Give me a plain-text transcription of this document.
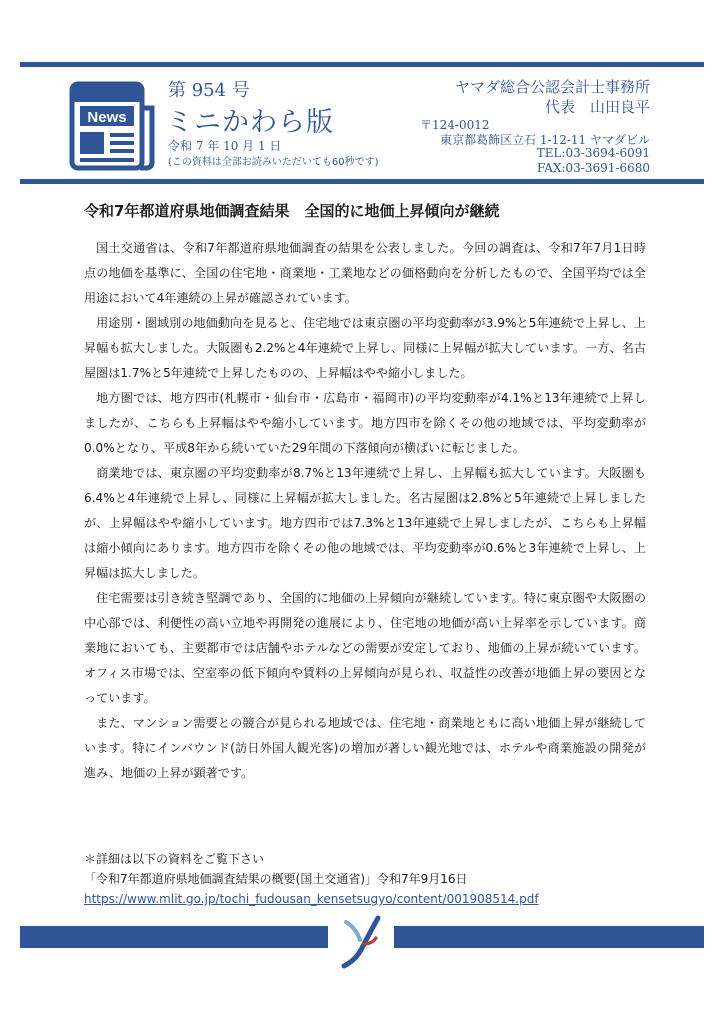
News
第 954 号
ミニかわら版
令和 7 年 10 月 1 日
(この資料は全部お読みいただいても60秒です)
ヤマダ総合公認会計士事務所
代表　山田良平
〒124-0012
東京都葛飾区立石 1-12-11 ヤマダビル
TEL:03-3694-6091
FAX:03-3691-6680
令和7年都道府県地価調査結果　全国的に地価上昇傾向が継続

国土交通省は、令和7年都道府県地価調査の結果を公表しました。今回の調査は、令和7年7月1日時点の地価を基準に、全国の住宅地・商業地・工業地などの価格動向を分析したもので、全国平均では全用途において4年連続の上昇が確認されています。

用途別・圏域別の地価動向を見ると、住宅地では東京圏の平均変動率が3.9%と5年連続で上昇し、上昇幅も拡大しました。大阪圏も2.2%と4年連続で上昇し、同様に上昇幅が拡大しています。一方、名古屋圏は1.7%と5年連続で上昇したものの、上昇幅はやや縮小しました。

地方圏では、地方四市(札幌市・仙台市・広島市・福岡市)の平均変動率が4.1%と13年連続で上昇しましたが、こちらも上昇幅はやや縮小しています。地方四市を除くその他の地域では、平均変動率が0.0%となり、平成8年から続いていた29年間の下落傾向が横ばいに転じました。

商業地では、東京圏の平均変動率が8.7%と13年連続で上昇し、上昇幅も拡大しています。大阪圏も6.4%と4年連続で上昇し、同様に上昇幅が拡大しました。名古屋圏は2.8%と5年連続で上昇しましたが、上昇幅はやや縮小しています。地方四市では7.3%と13年連続で上昇しましたが、こちらも上昇幅は縮小傾向にあります。地方四市を除くその他の地域では、平均変動率が0.6%と3年連続で上昇し、上昇幅は拡大しました。

住宅需要は引き続き堅調であり、全国的に地価の上昇傾向が継続しています。特に東京圏や大阪圏の中心部では、利便性の高い立地や再開発の進展により、住宅地の地価が高い上昇率を示しています。商業地においても、主要都市では店舗やホテルなどの需要が安定しており、地価の上昇が続いています。オフィス市場では、空室率の低下傾向や賃料の上昇傾向が見られ、収益性の改善が地価上昇の要因となっています。

また、マンション需要との競合が見られる地域では、住宅地・商業地ともに高い地価上昇が継続しています。特にインバウンド(訪日外国人観光客)の増加が著しい観光地では、ホテルや商業施設の開発が進み、地価の上昇が顕著です。

＊詳細は以下の資料をご覧下さい
「令和7年都道府県地価調査結果の概要(国土交通省)」令和7年9月16日
https://www.mlit.go.jp/tochi_fudousan_kensetsugyo/content/001908514.pdf
